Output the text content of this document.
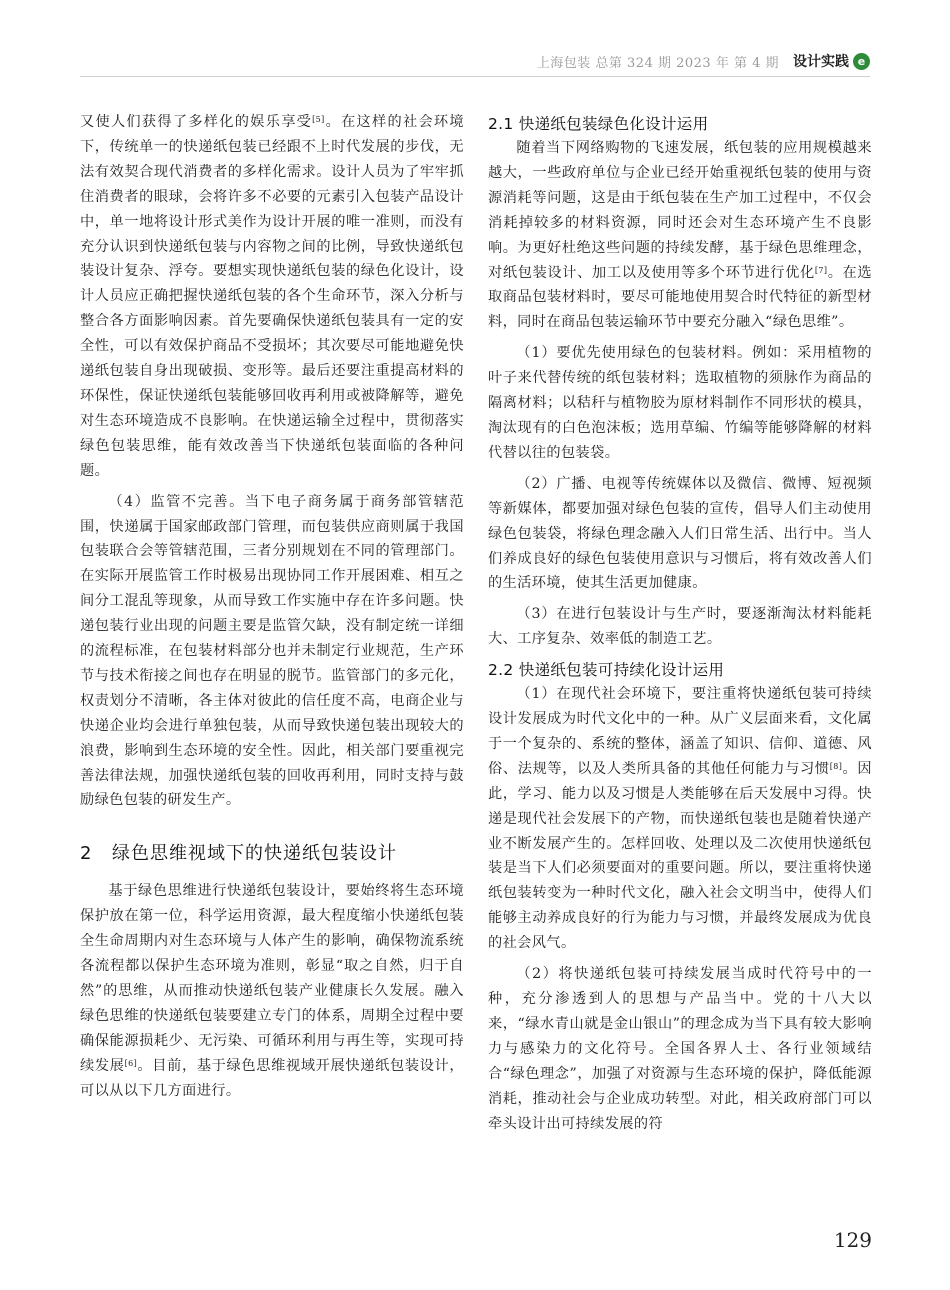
上海包装 总第 324 期 2023 年 第 4 期 设计实践 e

又使人们获得了多样化的娱乐享受[5]。在这样的社会环境下，传统单一的快递纸包装已经跟不上时代发展的步伐，无法有效契合现代消费者的多样化需求。设计人员为了牢牢抓住消费者的眼球，会将许多不必要的元素引入包装产品设计中，单一地将设计形式美作为设计开展的唯一准则，而没有充分认识到快递纸包装与内容物之间的比例，导致快递纸包装设计复杂、浮夸。要想实现快递纸包装的绿色化设计，设计人员应正确把握快递纸包装的各个生命环节，深入分析与整合各方面影响因素。首先要确保快递纸包装具有一定的安全性，可以有效保护商品不受损坏；其次要尽可能地避免快递纸包装自身出现破损、变形等。最后还要注重提高材料的环保性，保证快递纸包装能够回收再利用或被降解等，避免对生态环境造成不良影响。在快递运输全过程中，贯彻落实绿色包装思维，能有效改善当下快递纸包装面临的各种问题。

（4）监管不完善。当下电子商务属于商务部管辖范围，快递属于国家邮政部门管理，而包装供应商则属于我国包装联合会等管辖范围，三者分别规划在不同的管理部门。在实际开展监管工作时极易出现协同工作开展困难、相互之间分工混乱等现象，从而导致工作实施中存在许多问题。快递包装行业出现的问题主要是监管欠缺，没有制定统一详细的流程标准，在包装材料部分也并未制定行业规范，生产环节与技术衔接之间也存在明显的脱节。监管部门的多元化，权责划分不清晰，各主体对彼此的信任度不高，电商企业与快递企业均会进行单独包装，从而导致快递包装出现较大的浪费，影响到生态环境的安全性。因此，相关部门要重视完善法律法规，加强快递纸包装的回收再利用，同时支持与鼓励绿色包装的研发生产。

2 绿色思维视域下的快递纸包装设计

基于绿色思维进行快递纸包装设计，要始终将生态环境保护放在第一位，科学运用资源，最大程度缩小快递纸包装全生命周期内对生态环境与人体产生的影响，确保物流系统各流程都以保护生态环境为准则，彰显“取之自然，归于自然”的思维，从而推动快递纸包装产业健康长久发展。融入绿色思维的快递纸包装要建立专门的体系，周期全过程中要确保能源损耗少、无污染、可循环利用与再生等，实现可持续发展[6]。目前，基于绿色思维视域开展快递纸包装设计，可以从以下几方面进行。

2.1 快递纸包装绿色化设计运用

随着当下网络购物的飞速发展，纸包装的应用规模越来越大，一些政府单位与企业已经开始重视纸包装的使用与资源消耗等问题，这是由于纸包装在生产加工过程中，不仅会消耗掉较多的材料资源，同时还会对生态环境产生不良影响。为更好杜绝这些问题的持续发酵，基于绿色思维理念，对纸包装设计、加工以及使用等多个环节进行优化[7]。在选取商品包装材料时，要尽可能地使用契合时代特征的新型材料，同时在商品包装运输环节中要充分融入“绿色思维”。

（1）要优先使用绿色的包装材料。例如：采用植物的叶子来代替传统的纸包装材料；选取植物的须脉作为商品的隔离材料；以秸秆与植物胶为原材料制作不同形状的模具，淘汰现有的白色泡沫板；选用草编、竹编等能够降解的材料代替以往的包装袋。

（2）广播、电视等传统媒体以及微信、微博、短视频等新媒体，都要加强对绿色包装的宣传，倡导人们主动使用绿色包装袋，将绿色理念融入人们日常生活、出行中。当人们养成良好的绿色包装使用意识与习惯后，将有效改善人们的生活环境，使其生活更加健康。

（3）在进行包装设计与生产时，要逐渐淘汰材料能耗大、工序复杂、效率低的制造工艺。

2.2 快递纸包装可持续化设计运用

（1）在现代社会环境下，要注重将快递纸包装可持续设计发展成为时代文化中的一种。从广义层面来看，文化属于一个复杂的、系统的整体，涵盖了知识、信仰、道德、风俗、法规等，以及人类所具备的其他任何能力与习惯[8]。因此，学习、能力以及习惯是人类能够在后天发展中习得。快递是现代社会发展下的产物，而快递纸包装也是随着快递产业不断发展产生的。怎样回收、处理以及二次使用快递纸包装是当下人们必须要面对的重要问题。所以，要注重将快递纸包装转变为一种时代文化，融入社会文明当中，使得人们能够主动养成良好的行为能力与习惯，并最终发展成为优良的社会风气。

（2）将快递纸包装可持续发展当成时代符号中的一种，充分渗透到人的思想与产品当中。党的十八大以来，“绿水青山就是金山银山”的理念成为当下具有较大影响力与感染力的文化符号。全国各界人士、各行业领域结合“绿色理念”，加强了对资源与生态环境的保护，降低能源消耗，推动社会与企业成功转型。对此，相关政府部门可以牵头设计出可持续发展的符

129
